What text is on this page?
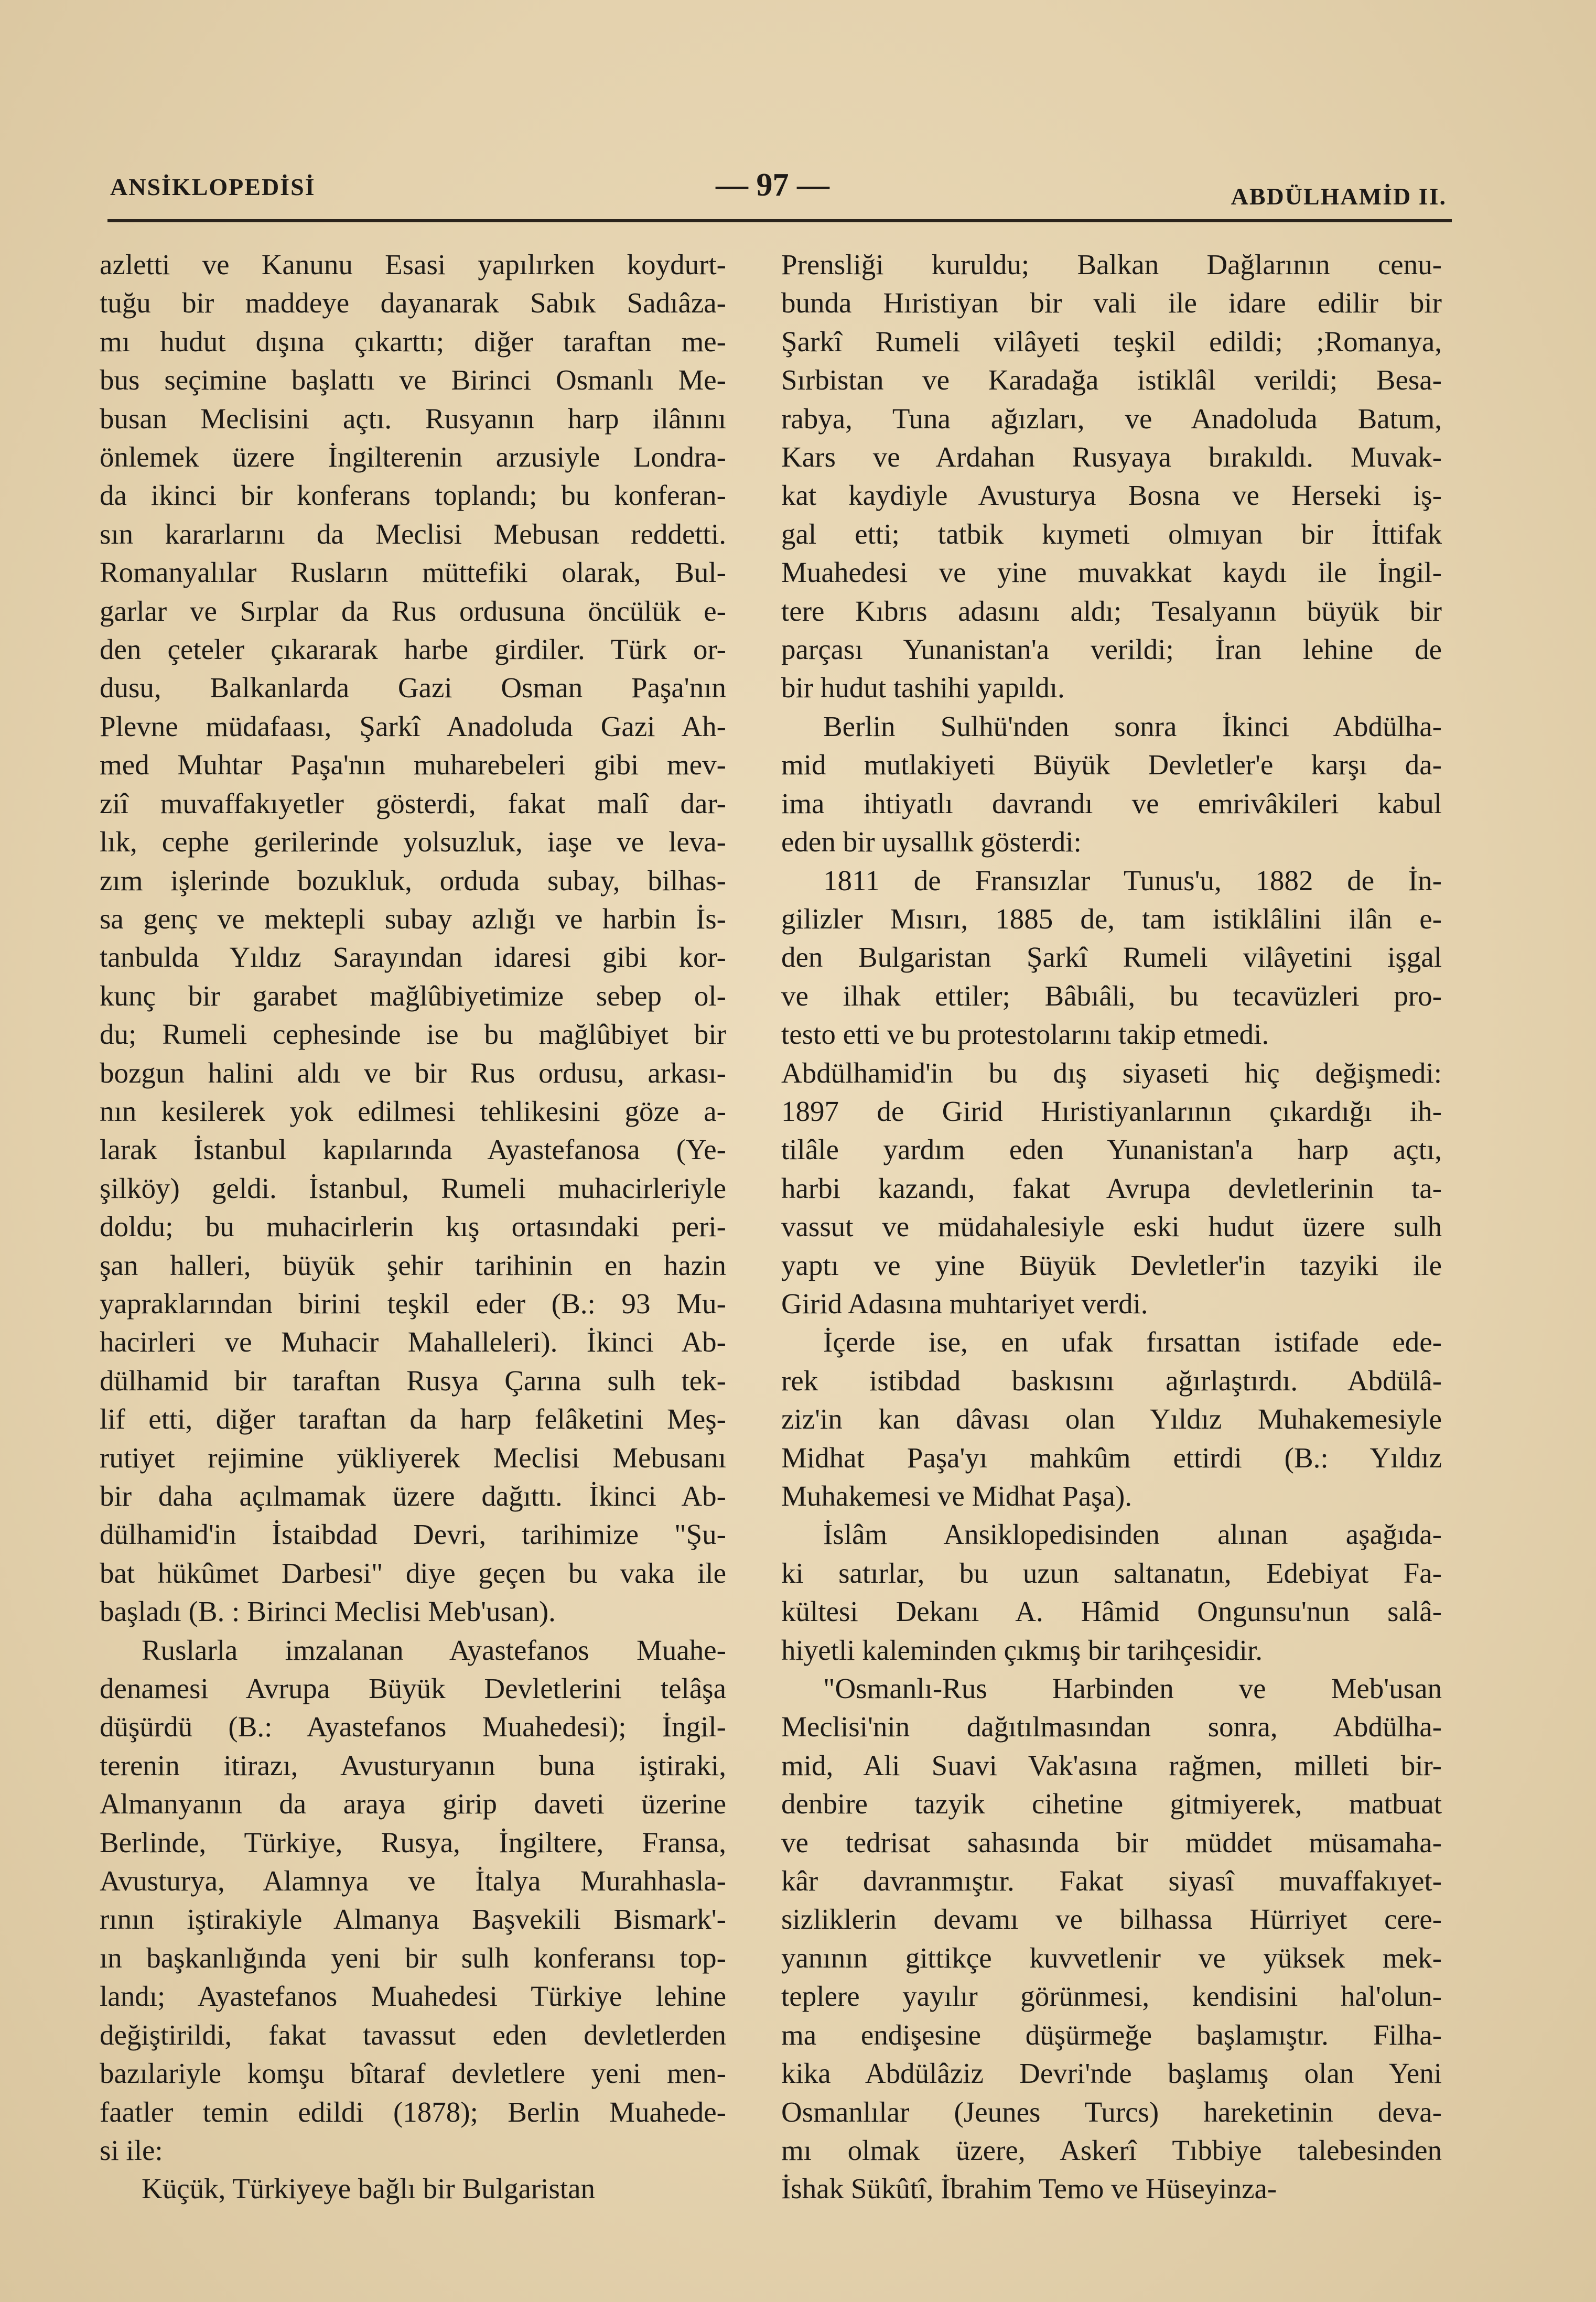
ANSİKLOPEDİSİ	— 97 —	ABDÜLHAMİD II.

azletti ve Kanunu Esasi yapılırken koydurt-

tuğu bir maddeye dayanarak Sabık Sadıâza-

mı hudut dışına çıkarttı; diğer taraftan me-

bus seçimine başlattı ve Birinci Osmanlı Me-

busan Meclisini açtı. Rusyanın harp ilânını

önlemek üzere İngilterenin arzusiyle Londra-

da ikinci bir konferans toplandı; bu konferan-

sın kararlarını da Meclisi Mebusan reddetti.

Romanyalılar Rusların müttefiki olarak, Bul-

garlar ve Sırplar da Rus ordusuna öncülük e-

den çeteler çıkararak harbe girdiler. Türk or-

dusu, Balkanlarda Gazi Osman Paşa'nın

Plevne müdafaası, Şarkî Anadoluda Gazi Ah-

med Muhtar Paşa'nın muharebeleri gibi mev-

ziî muvaffakıyetler gösterdi, fakat malî dar-

lık, cephe gerilerinde yolsuzluk, iaşe ve leva-

zım işlerinde bozukluk, orduda subay, bilhas-

sa genç ve mektepli subay azlığı ve harbin İs-

tanbulda Yıldız Sarayından idaresi gibi kor-

kunç bir garabet mağlûbiyetimize sebep ol-

du; Rumeli cephesinde ise bu mağlûbiyet bir

bozgun halini aldı ve bir Rus ordusu, arkası-

nın kesilerek yok edilmesi tehlikesini göze a-

larak İstanbul kapılarında Ayastefanosa (Ye-

şilköy) geldi. İstanbul, Rumeli muhacirleriyle

doldu; bu muhacirlerin kış ortasındaki peri-

şan halleri, büyük şehir tarihinin en hazin

yapraklarından birini teşkil eder (B.: 93 Mu-

hacirleri ve Muhacir Mahalleleri). İkinci Ab-

dülhamid bir taraftan Rusya Çarına sulh tek-

lif etti, diğer taraftan da harp felâketini Meş-

rutiyet rejimine yükliyerek Meclisi Mebusanı

bir daha açılmamak üzere dağıttı. İkinci Ab-

dülhamid'in İstaibdad Devri, tarihimize "Şu-

bat hükûmet Darbesi" diye geçen bu vaka ile

başladı (B. : Birinci Meclisi Meb'usan).

Ruslarla imzalanan Ayastefanos Muahe-

denamesi Avrupa Büyük Devletlerini telâşa

düşürdü (B.: Ayastefanos Muahedesi); İngil-

terenin itirazı, Avusturyanın buna iştiraki,

Almanyanın da araya girip daveti üzerine

Berlinde, Türkiye, Rusya, İngiltere, Fransa,

Avusturya, Alamnya ve İtalya Murahhasla-

rının iştirakiyle Almanya Başvekili Bismark'-

ın başkanlığında yeni bir sulh konferansı top-

landı; Ayastefanos Muahedesi Türkiye lehine

değiştirildi, fakat tavassut eden devletlerden

bazılariyle komşu bîtaraf devletlere yeni men-

faatler temin edildi (1878); Berlin Muahede-

si ile:

Küçük, Türkiyeye bağlı bir Bulgaristan

Prensliği kuruldu; Balkan Dağlarının cenu-

bunda Hıristiyan bir vali ile idare edilir bir

Şarkî Rumeli vilâyeti teşkil edildi; ;Romanya,

Sırbistan ve Karadağa istiklâl verildi; Besa-

rabya, Tuna ağızları, ve Anadoluda Batum,

Kars ve Ardahan Rusyaya bırakıldı. Muvak-

kat kaydiyle Avusturya Bosna ve Herseki iş-

gal etti; tatbik kıymeti olmıyan bir İttifak

Muahedesi ve yine muvakkat kaydı ile İngil-

tere Kıbrıs adasını aldı; Tesalyanın büyük bir

parçası Yunanistan'a verildi; İran lehine de

bir hudut tashihi yapıldı.

Berlin Sulhü'nden sonra İkinci Abdülha-

mid mutlakiyeti Büyük Devletler'e karşı da-

ima ihtiyatlı davrandı ve emrivâkileri kabul

eden bir uysallık gösterdi:

1811 de Fransızlar Tunus'u, 1882 de İn-

gilizler Mısırı, 1885 de, tam istiklâlini ilân e-

den Bulgaristan Şarkî Rumeli vilâyetini işgal

ve ilhak ettiler; Bâbıâli, bu tecavüzleri pro-

testo etti ve bu protestolarını takip etmedi.

Abdülhamid'in bu dış siyaseti hiç değişmedi:

1897 de Girid Hıristiyanlarının çıkardığı ih-

tilâle yardım eden Yunanistan'a harp açtı,

harbi kazandı, fakat Avrupa devletlerinin ta-

vassut ve müdahalesiyle eski hudut üzere sulh

yaptı ve yine Büyük Devletler'in tazyiki ile

Girid Adasına muhtariyet verdi.

İçerde ise, en ufak fırsattan istifade ede-

rek istibdad baskısını ağırlaştırdı. Abdülâ-

ziz'in kan dâvası olan Yıldız Muhakemesiyle

Midhat Paşa'yı mahkûm ettirdi (B.: Yıldız

Muhakemesi ve Midhat Paşa).

İslâm Ansiklopedisinden alınan aşağıda-

ki satırlar, bu uzun saltanatın, Edebiyat Fa-

kültesi Dekanı A. Hâmid Ongunsu'nun salâ-

hiyetli kaleminden çıkmış bir tarihçesidir.

"Osmanlı-Rus Harbinden ve Meb'usan

Meclisi'nin dağıtılmasından sonra, Abdülha-

mid, Ali Suavi Vak'asına rağmen, milleti bir-

denbire tazyik cihetine gitmiyerek, matbuat

ve tedrisat sahasında bir müddet müsamaha-

kâr davranmıştır. Fakat siyasî muvaffakıyet-

sizliklerin devamı ve bilhassa Hürriyet cere-

yanının gittikçe kuvvetlenir ve yüksek mek-

teplere yayılır görünmesi, kendisini hal'olun-

ma endişesine düşürmeğe başlamıştır. Filha-

kika Abdülâziz Devri'nde başlamış olan Yeni

Osmanlılar (Jeunes Turcs) hareketinin deva-

mı olmak üzere, Askerî Tıbbiye talebesinden

İshak Sükûtî, İbrahim Temo ve Hüseyinza-
